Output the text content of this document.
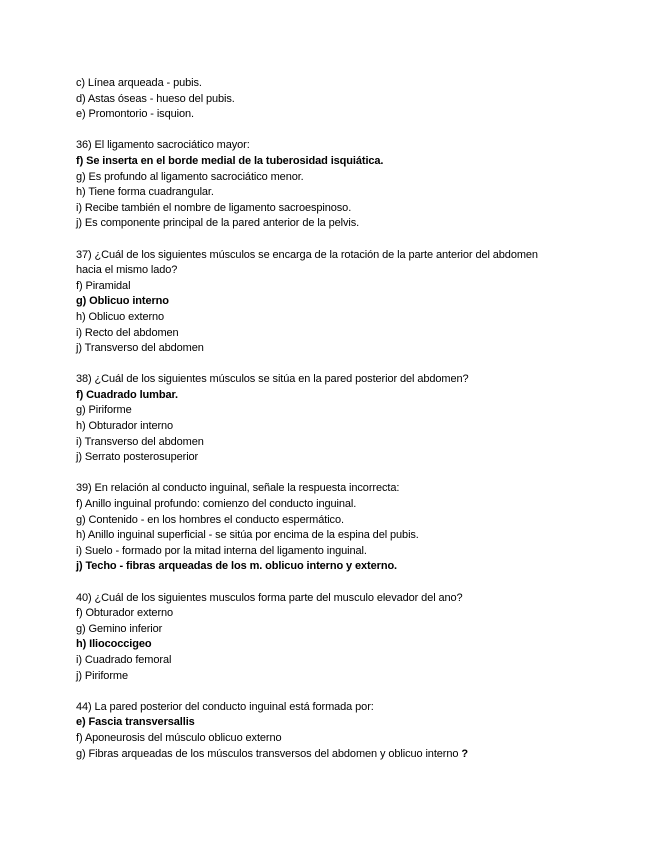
c) Línea arqueada - pubis.
d) Astas óseas - hueso del pubis.
e) Promontorio - isquion.
36) El ligamento sacrociático mayor:
f) Se inserta en el borde medial de la tuberosidad isquiática.
g) Es profundo al ligamento sacrociático menor.
h) Tiene forma cuadrangular.
i) Recibe también el nombre de ligamento sacroespinoso.
j) Es componente principal de la pared anterior de la pelvis.
37) ¿Cuál de los siguientes músculos se encarga de la rotación de la parte anterior del abdomen hacia el mismo lado?
f) Piramidal
g) Oblicuo interno
h) Oblicuo externo
i) Recto del abdomen
j) Transverso del abdomen
38) ¿Cuál de los siguientes músculos se sitúa en la pared posterior del abdomen?
f) Cuadrado lumbar.
g) Piriforme
h) Obturador interno
i) Transverso del abdomen
j) Serrato posterosuperior
39) En relación al conducto inguinal, señale la respuesta incorrecta:
f) Anillo inguinal profundo: comienzo del conducto inguinal.
g) Contenido - en los hombres el conducto espermático.
h) Anillo inguinal superficial - se sitúa por encima de la espina del pubis.
i) Suelo - formado por la mitad interna del ligamento inguinal.
j) Techo - fibras arqueadas de los m. oblicuo interno y externo.
40) ¿Cuál de los siguientes musculos forma parte del musculo elevador del ano?
f) Obturador externo
g) Gemino inferior
h) Iliococcigeo
i) Cuadrado femoral
j) Piriforme
44) La pared posterior del conducto inguinal está formada por:
e) Fascia transversallis
f) Aponeurosis del músculo oblicuo externo
g) Fibras arqueadas de los músculos transversos del abdomen y oblicuo interno ?
